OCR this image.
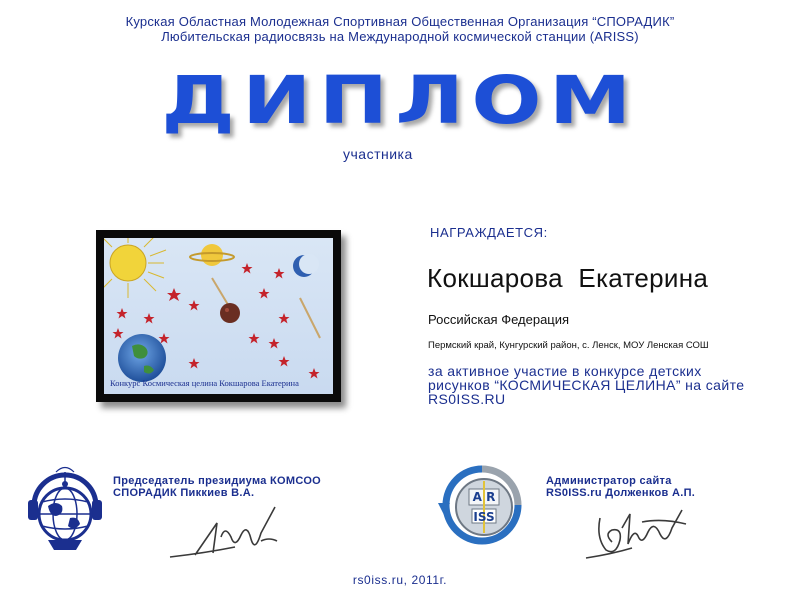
Курская Областная Молодежная Спортивная Общественная Организация “СПОРАДИК”
Любительская радиосвязь на Международной космической станции (ARISS)
ДИПЛОМ
участника
Конкурс Космическая целина Кокшарова Екатерина
НАГРАЖДАЕТСЯ:
Кокшарова Екатерина
Российская Федерация
Пермский край, Кунгурский район, с. Ленск, МОУ Ленская СОШ
за активное участие в конкурсе детских рисунков “КОСМИЧЕСКАЯ ЦЕЛИНА” на сайте RS0ISS.RU
Председатель президиума КОМСОО
СПОРАДИК Пиккиев В.А.	A R
ISS
Администратор сайта
RS0ISS.ru Долженков А.П.
rs0iss.ru, 2011г.
